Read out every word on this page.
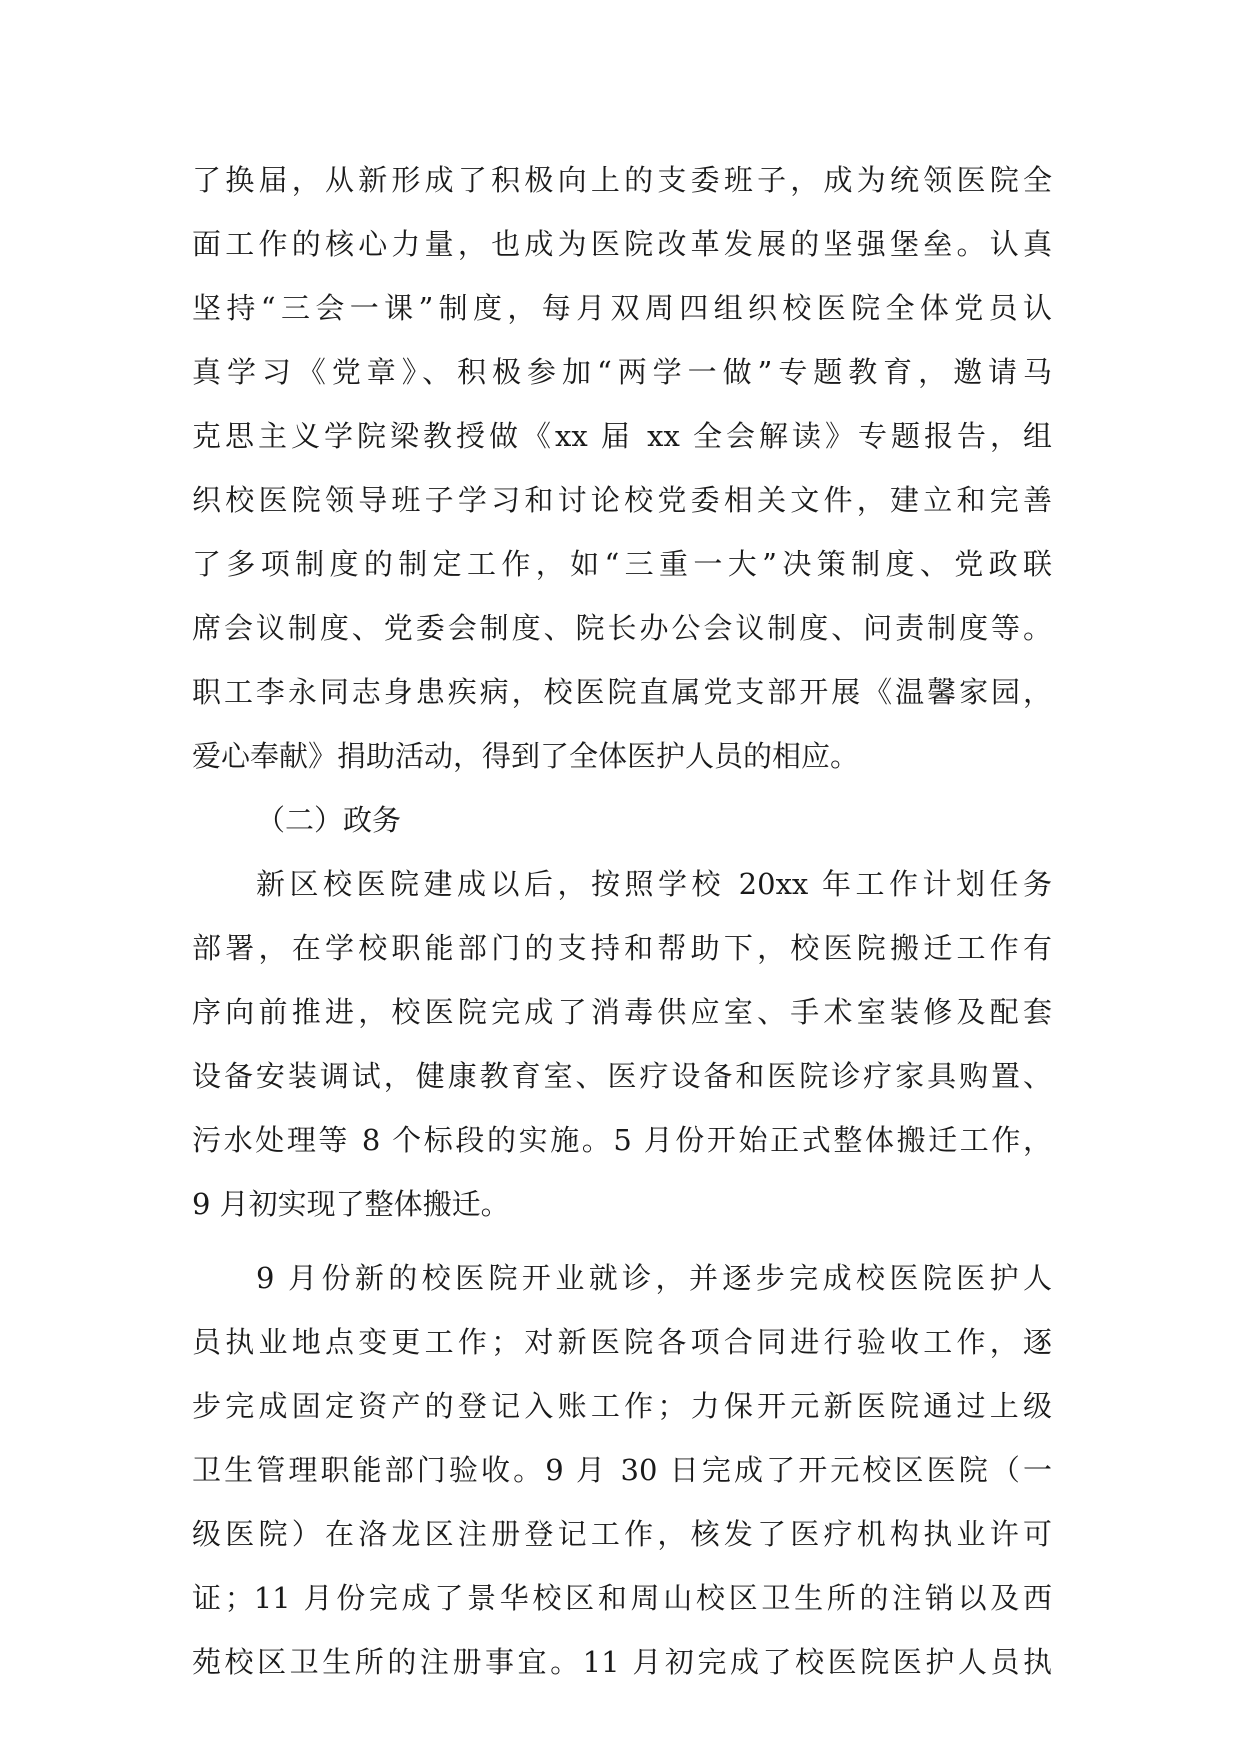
了换届，从新形成了积极向上的支委班子，成为统领医院全
面工作的核心力量，也成为医院改革发展的坚强堡垒。认真
坚持“三会一课”制度，每月双周四组织校医院全体党员认
真学习《党章》、积极参加“两学一做”专题教育，邀请马
克思主义学院梁教授做《xx 届 xx 全会解读》专题报告，组
织校医院领导班子学习和讨论校党委相关文件，建立和完善
了多项制度的制定工作，如“三重一大”决策制度、党政联
席会议制度、党委会制度、院长办公会议制度、问责制度等。
职工李永同志身患疾病，校医院直属党支部开展《温馨家园，
爱心奉献》捐助活动，得到了全体医护人员的相应。
（二）政务
新区校医院建成以后，按照学校 20xx 年工作计划任务
部署，在学校职能部门的支持和帮助下，校医院搬迁工作有
序向前推进，校医院完成了消毒供应室、手术室装修及配套
设备安装调试，健康教育室、医疗设备和医院诊疗家具购置、
污水处理等 8 个标段的实施。5 月份开始正式整体搬迁工作，
9 月初实现了整体搬迁。
9 月份新的校医院开业就诊，并逐步完成校医院医护人
员执业地点变更工作；对新医院各项合同进行验收工作，逐
步完成固定资产的登记入账工作；力保开元新医院通过上级
卫生管理职能部门验收。9 月 30 日完成了开元校区医院（一
级医院）在洛龙区注册登记工作，核发了医疗机构执业许可
证；11 月份完成了景华校区和周山校区卫生所的注销以及西
苑校区卫生所的注册事宜。11 月初完成了校医院医护人员执
